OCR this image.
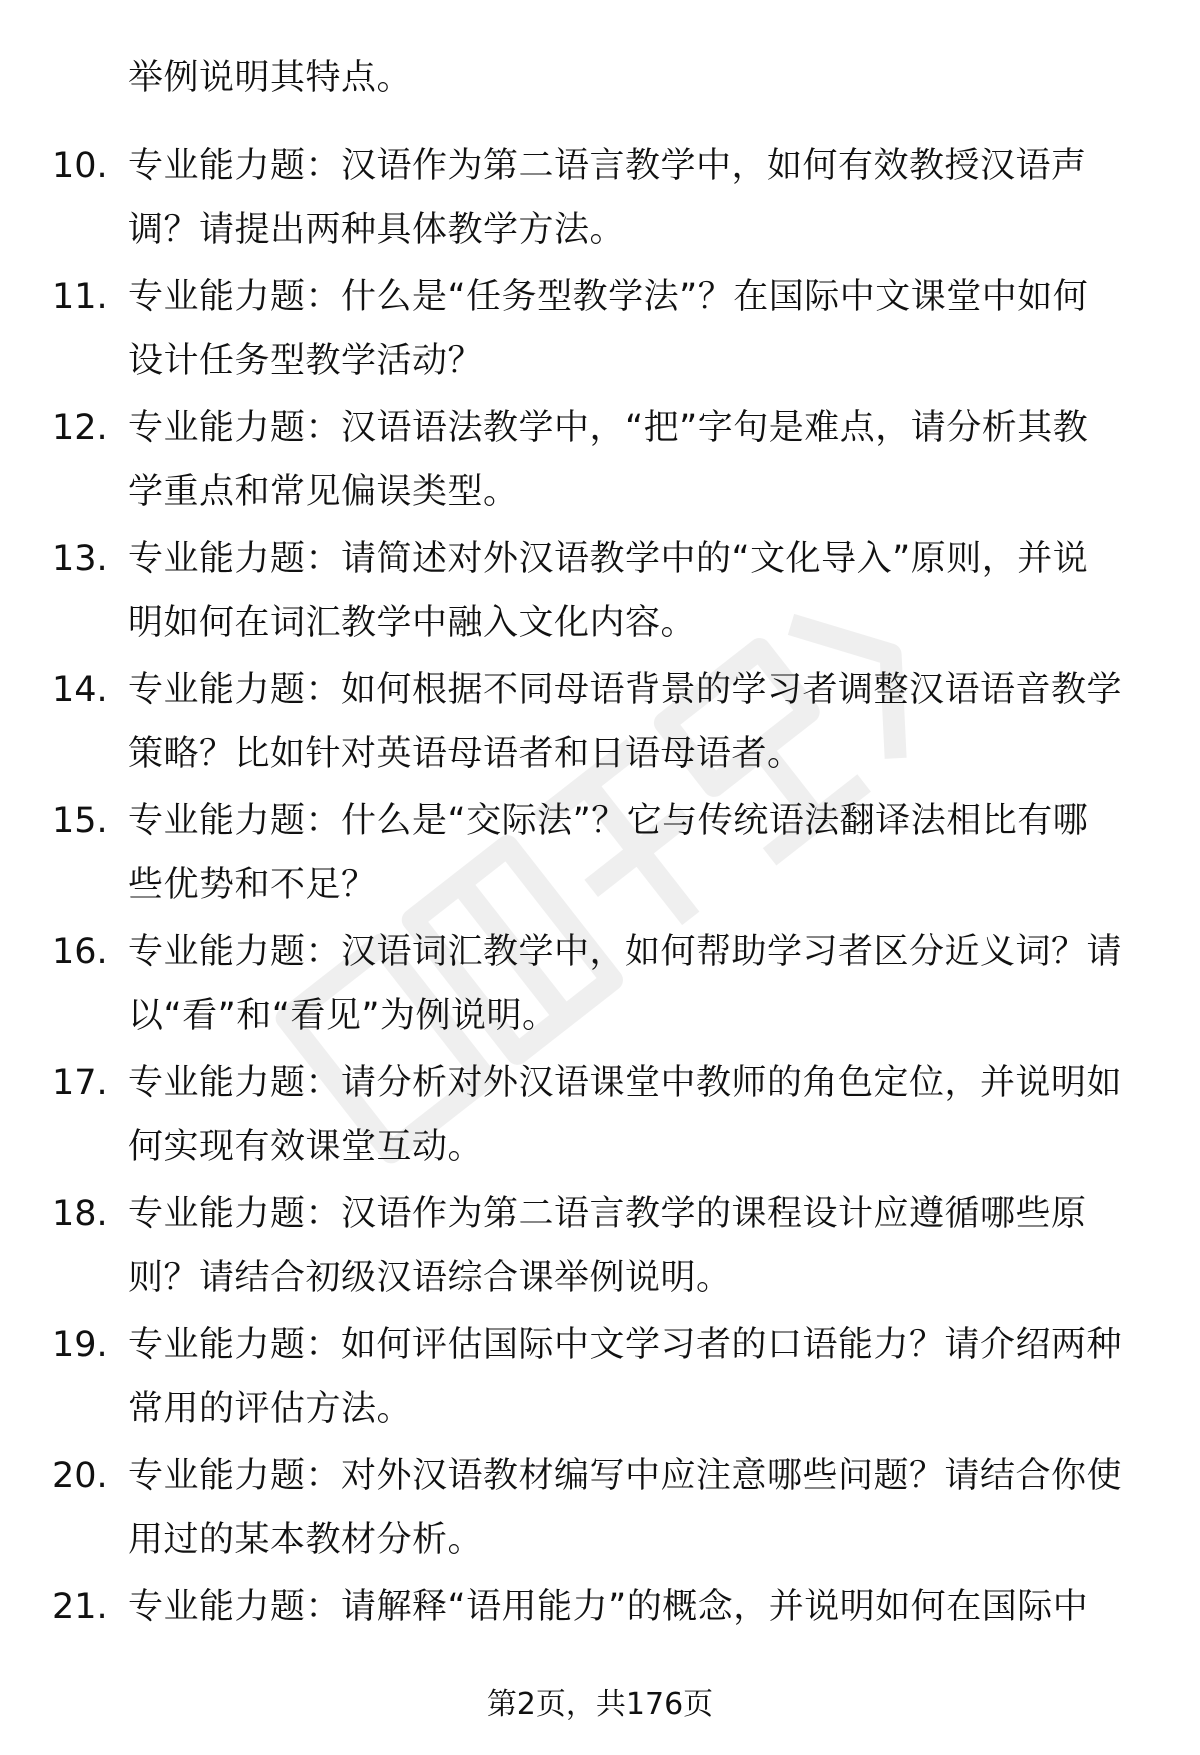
举例说明其特点。
10. 专业能力题：汉语作为第二语言教学中，如何有效教授汉语声
调？请提出两种具体教学方法。
11. 专业能力题：什么是“任务型教学法”？在国际中文课堂中如何
设计任务型教学活动？
12. 专业能力题：汉语语法教学中，“把”字句是难点，请分析其教
学重点和常见偏误类型。
13. 专业能力题：请简述对外汉语教学中的“文化导入”原则，并说
明如何在词汇教学中融入文化内容。
14. 专业能力题：如何根据不同母语背景的学习者调整汉语语音教学
策略？比如针对英语母语者和日语母语者。
15. 专业能力题：什么是“交际法”？它与传统语法翻译法相比有哪
些优势和不足？
16. 专业能力题：汉语词汇教学中，如何帮助学习者区分近义词？请
以“看”和“看见”为例说明。
17. 专业能力题：请分析对外汉语课堂中教师的角色定位，并说明如
何实现有效课堂互动。
18. 专业能力题：汉语作为第二语言教学的课程设计应遵循哪些原
则？请结合初级汉语综合课举例说明。
19. 专业能力题：如何评估国际中文学习者的口语能力？请介绍两种
常用的评估方法。
20. 专业能力题：对外汉语教材编写中应注意哪些问题？请结合你使
用过的某本教材分析。
21. 专业能力题：请解释“语用能力”的概念，并说明如何在国际中
第2页，共176页
